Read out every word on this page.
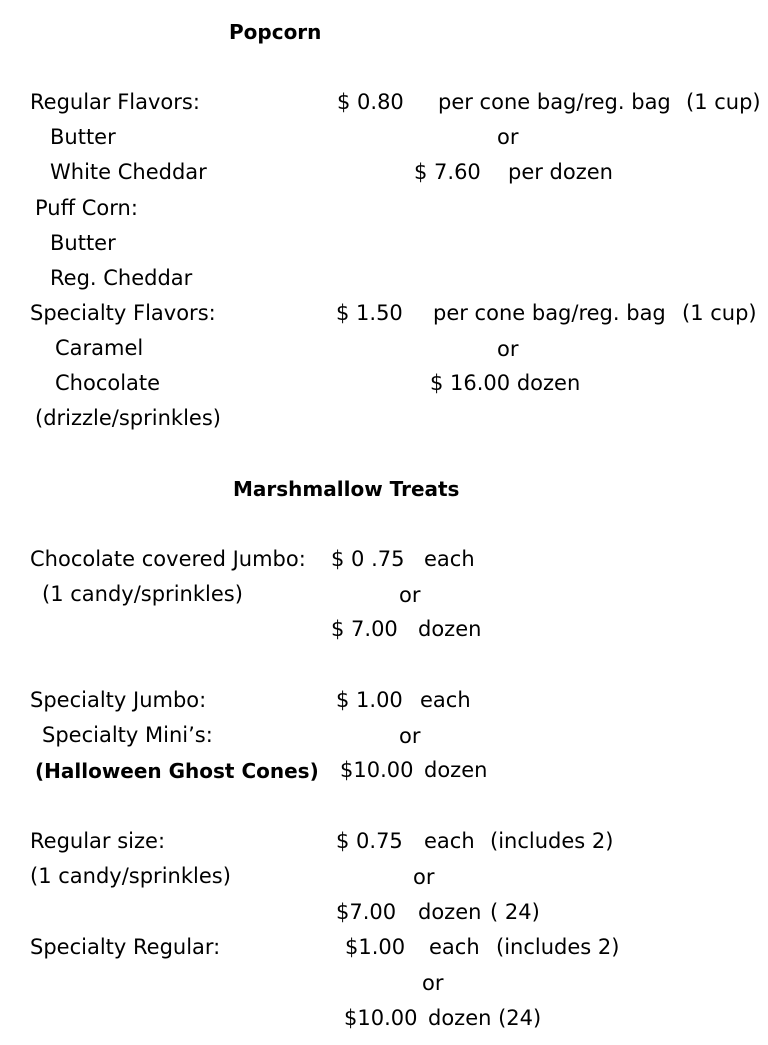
Popcorn
Regular Flavors:
Butter
White Cheddar
Puff Corn:
Butter
Reg. Cheddar
$ 0.80 per cone bag/reg. bag (1 cup)
or
$ 7.60 per dozen
Specialty Flavors:
Caramel
Chocolate
(drizzle/sprinkles)
$ 1.50 per cone bag/reg. bag (1 cup)
or
$ 16.00 dozen
Marshmallow Treats
Chocolate covered Jumbo:
(1 candy/sprinkles)
$ 0 .75 each
or
$ 7.00 dozen
Specialty Jumbo:
Specialty Mini’s:
(Halloween Ghost Cones)
$ 1.00 each
or
$10.00 dozen
Regular size:
(1 candy/sprinkles)
$ 0.75 each (includes 2)
or
$7.00 dozen ( 24)
Specialty Regular:	$1.00 each (includes 2)
or
$10.00 dozen (24)
